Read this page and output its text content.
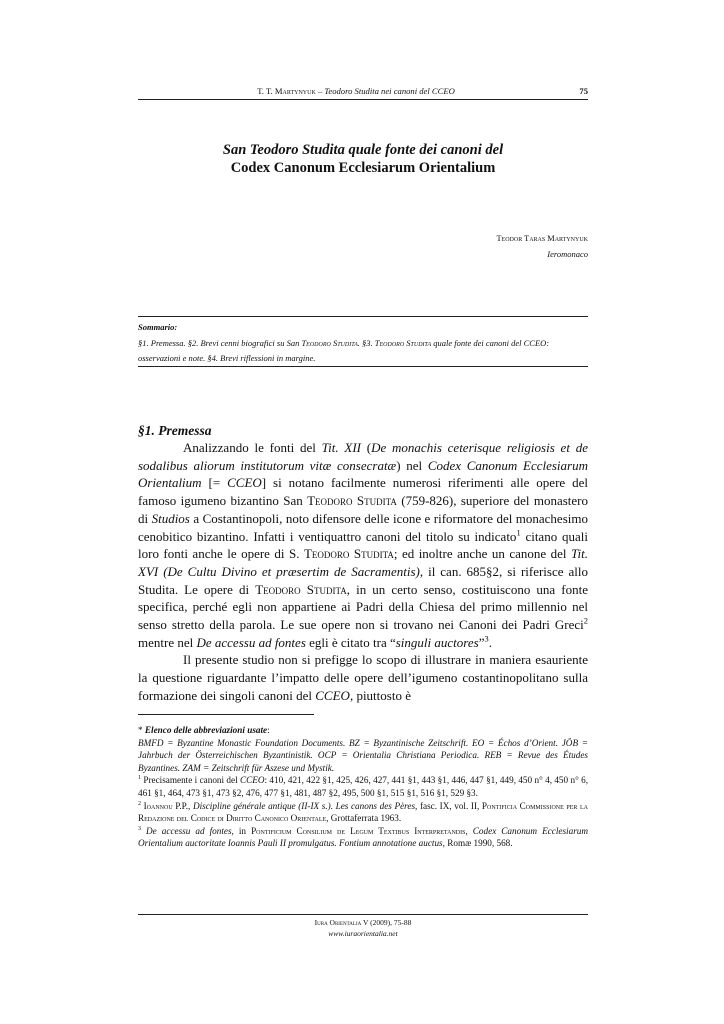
T. T. Martynyuk – Teodoro Studita nei canoni del CCEO	75
San Teodoro Studita quale fonte dei canoni del
Codex Canonum Ecclesiarum Orientalium
Teodor Taras Martynyuk
Ieromonaco
Sommario:
§1. Premessa. §2. Brevi cenni biografici su San Teodoro Studita. §3. Teodoro Studita quale fonte dei canoni del CCEO: osservazioni e note. §4. Brevi riflessioni in margine.
§1. Premessa

Analizzando le fonti del Tit. XII (De monachis ceterisque religiosis et de sodalibus aliorum institutorum vitæ consecratæ) nel Codex Canonum Ecclesiarum Orientalium [= CCEO] si notano facilmente numerosi riferimenti alle opere del famoso igumeno bizantino San Teodoro Studita (759-826), superiore del monastero di Studios a Costantinopoli, noto difensore delle icone e riformatore del monachesimo cenobitico bizantino. Infatti i ventiquattro canoni del titolo su indicato$^1$ citano quali loro fonti anche le opere di S. Teodoro Studita; ed inoltre anche un canone del Tit. XVI (De Cultu Divino et præsertim de Sacramentis), il can. 685§2, si riferisce allo Studita. Le opere di Teodoro Studita, in un certo senso, costituiscono una fonte specifica, perché egli non appartiene ai Padri della Chiesa del primo millennio nel senso stretto della parola. Le sue opere non si trovano nei Canoni dei Padri Greci$^2$ mentre nel De accessu ad fontes egli è citato tra “singuli auctores”$^3$.

Il presente studio non si prefigge lo scopo di illustrare in maniera esauriente la questione riguardante l’impatto delle opere dell’igumeno costantinopolitano sulla formazione dei singoli canoni del CCEO, piuttosto è

* Elenco delle abbreviazioni usate:
BMFD = Byzantine Monastic Foundation Documents. BZ = Byzantinische Zeitschrift. EO = Échos d’Orient. JÖB = Jahrbuch der Österreichischen Byzantinistik. OCP = Orientalia Christiana Periodica. REB = Revue des Études Byzantines. ZAM = Zeitschrift für Aszese und Mystik.

$^1$ Precisamente i canoni del CCEO: 410, 421, 422 §1, 425, 426, 427, 441 §1, 443 §1, 446, 447 §1, 449, 450 n° 4, 450 n° 6, 461 §1, 464, 473 §1, 473 §2, 476, 477 §1, 481, 487 §2, 495, 500 §1, 515 §1, 516 §1, 529 §3.

$^2$ Ioannou P.P., Discipline générale antique (II-IX s.). Les canons des Pères, fasc. IX, vol. II, Pontificia Commissione per la Redazione del Codice di Diritto Canonico Orientale, Grottaferrata 1963.

$^3$ De accessu ad fontes, in Pontificium Consilium de Legum Textibus Interpretandis, Codex Canonum Ecclesiarum Orientalium auctoritate Ioannis Pauli II promulgatus. Fontium annotatione auctus, Romæ 1990, 568.

Iura Orientalia V (2009), 75-88
www.iuraorientalia.net
